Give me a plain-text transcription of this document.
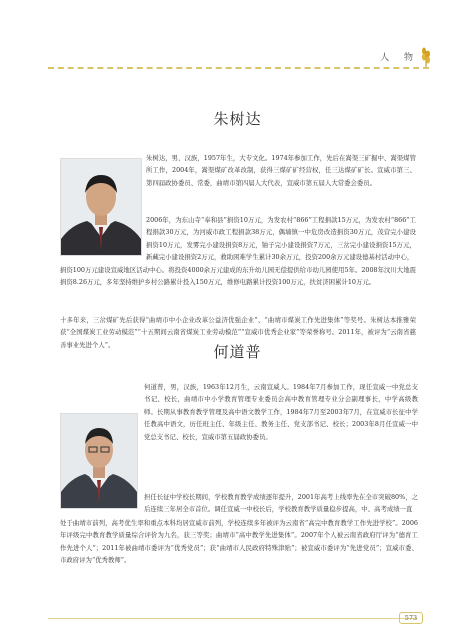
人 物
朱树达

朱树达，男，汉族，1957年生，大专文化。1974年参加工作，先后在嵩渠三矿掘中、嵩渠煤管所工作，2004年，嵩渠煤矿改革改制，获得三煤矿矿经营权，任三达煤矿矿长。宣威市第三、第四届政协委员、常委，曲靖市第四届人大代表，宣威市第五届人大常委会委员。

2006年，为东山寺“奉和县”捐资10万元，为发农村“866”工程捐款15万元，为发农村“866”工程捐款30万元，为河威市政工程捐款38万元，偶墙镇一中危房改造捐资30万元，茂营完小建设捐资10万元，发雾完小建设捐资8万元，铀子完小建设捐资7万元，三岔完小建设捐资15万元，新藏完小建设捐资2万元，救助困难学生累计30余万元，投资200余万元建设德基村活动中心，

捐资100万元建设宣威地区活动中心。将投资4000余万元建成的东升幼儿园无偿提供给市幼儿园使用5年。2008年汶川大地震捐资8.26万元，多年坚持维护乡村公路累计投入150万元，维修电路累计投资100万元，扶贫济困累计10万元。

十多年来，三岔煤矿先后获得“曲靖市中小企业改革公益济优强企业”、“曲靖市煤炭工作先进集体”等奖号。朱树达本推雅荣获“全国煤炭工业劳动模范”“十五期间云南省煤炭工业劳动模范”“宣威市优秀企业家”等荣誉称号。2011年，被评为“云南省慈善事业先进个人”。	何道普

何道普，男，汉族，1963年12月生，云南宣威人。1984年7月参加工作，现任宣威一中党总支书记、校长，曲靖市中小学教育管理专业委员会高中教育管理专业分会副理事长，中学高级教师。长期从事教育教学管理及高中语文教学工作，1984年7月至2003年7月，在宣威市长征中学任教高中语文，历任班主任、年级主任、教务主任、党支部书记、校长；2003年8月任宣威一中党总支书记、校长，宣威市第五届政协委员。

担任长征中学校长期间，学校教育教学成绩逐年提升，2001年高考上线率先在全市突破80%，之后连续三年居全市首位。调任宣威一中校长后，学校教育教学质量稳步提高，中、高考成绩一直

处于曲靖市前列，高考优生率和重点本科均居宣威市前列，学校连续多年被评为云南省“高完中教育教学工作先进学校”。2006年评级完中教育教学质量综合评价为九名，获三等奖；曲靖市“高中教学先进集体”。2007年个人被云南省政府厅评为“德育工作先进个人”；2011年被曲靖市委评为“优秀党员”；获“曲靖市人民政府特殊津贴”；被宣威市委评为“先进党员”；宣威市委、市政府评为“优秀教师”。
573
